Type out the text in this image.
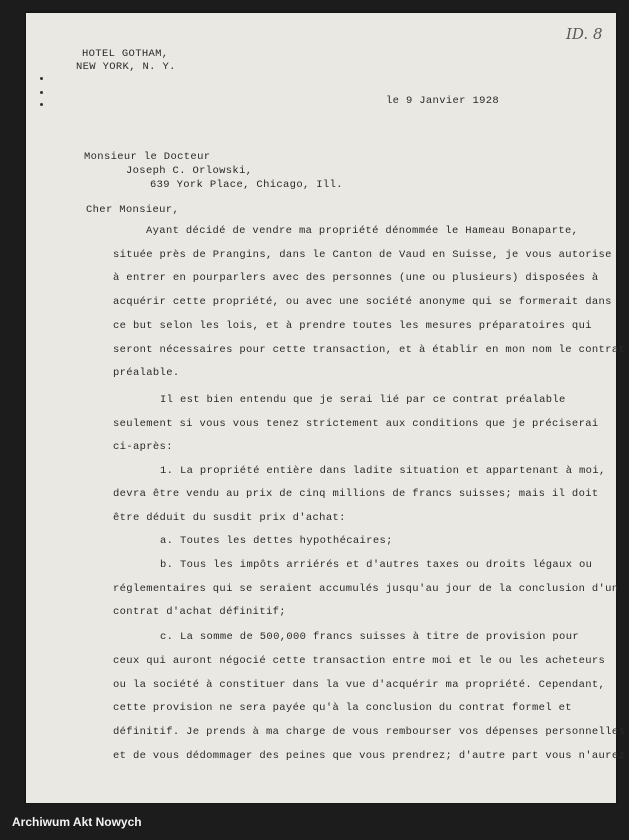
ID. 8
HOTEL GOTHAM,
NEW YORK, N. Y.
le 9 Janvier 1928
Monsieur le Docteur
Joseph C. Orlowski,
639 York Place, Chicago, Ill.
Cher Monsieur,
Ayant décidé de vendre ma propriété dénommée le Hameau Bonaparte,
située près de Prangins, dans le Canton de Vaud en Suisse, je vous autorise
à entrer en pourparlers avec des personnes (une ou plusieurs) disposées à
acquérir cette propriété, ou avec une société anonyme qui se formerait dans
ce but selon les lois, et à prendre toutes les mesures préparatoires qui
seront nécessaires pour cette transaction, et à établir en mon nom le contrat
préalable.
Il est bien entendu que je serai lié par ce contrat préalable
seulement si vous vous tenez strictement aux conditions que je préciserai
ci-après:
1. La propriété entière dans ladite situation et appartenant à moi,
devra être vendu au prix de cinq millions de francs suisses; mais il doit
être déduit du susdit prix d'achat:
a. Toutes les dettes hypothécaires;
b. Tous les impôts arriérés et d'autres taxes ou droits légaux ou
réglementaires qui se seraient accumulés jusqu'au jour de la conclusion d'un
contrat d'achat définitif;
c. La somme de 500,000 francs suisses à titre de provision pour
ceux qui auront négocié cette transaction entre moi et le ou les acheteurs
ou la société à constituer dans la vue d'acquérir ma propriété. Cependant,
cette provision ne sera payée qu'à la conclusion du contrat formel et
définitif. Je prends à ma charge de vous rembourser vos dépenses personnelles
et de vous dédommager des peines que vous prendrez; d'autre part vous n'aurez
Archiwum Akt Nowych
